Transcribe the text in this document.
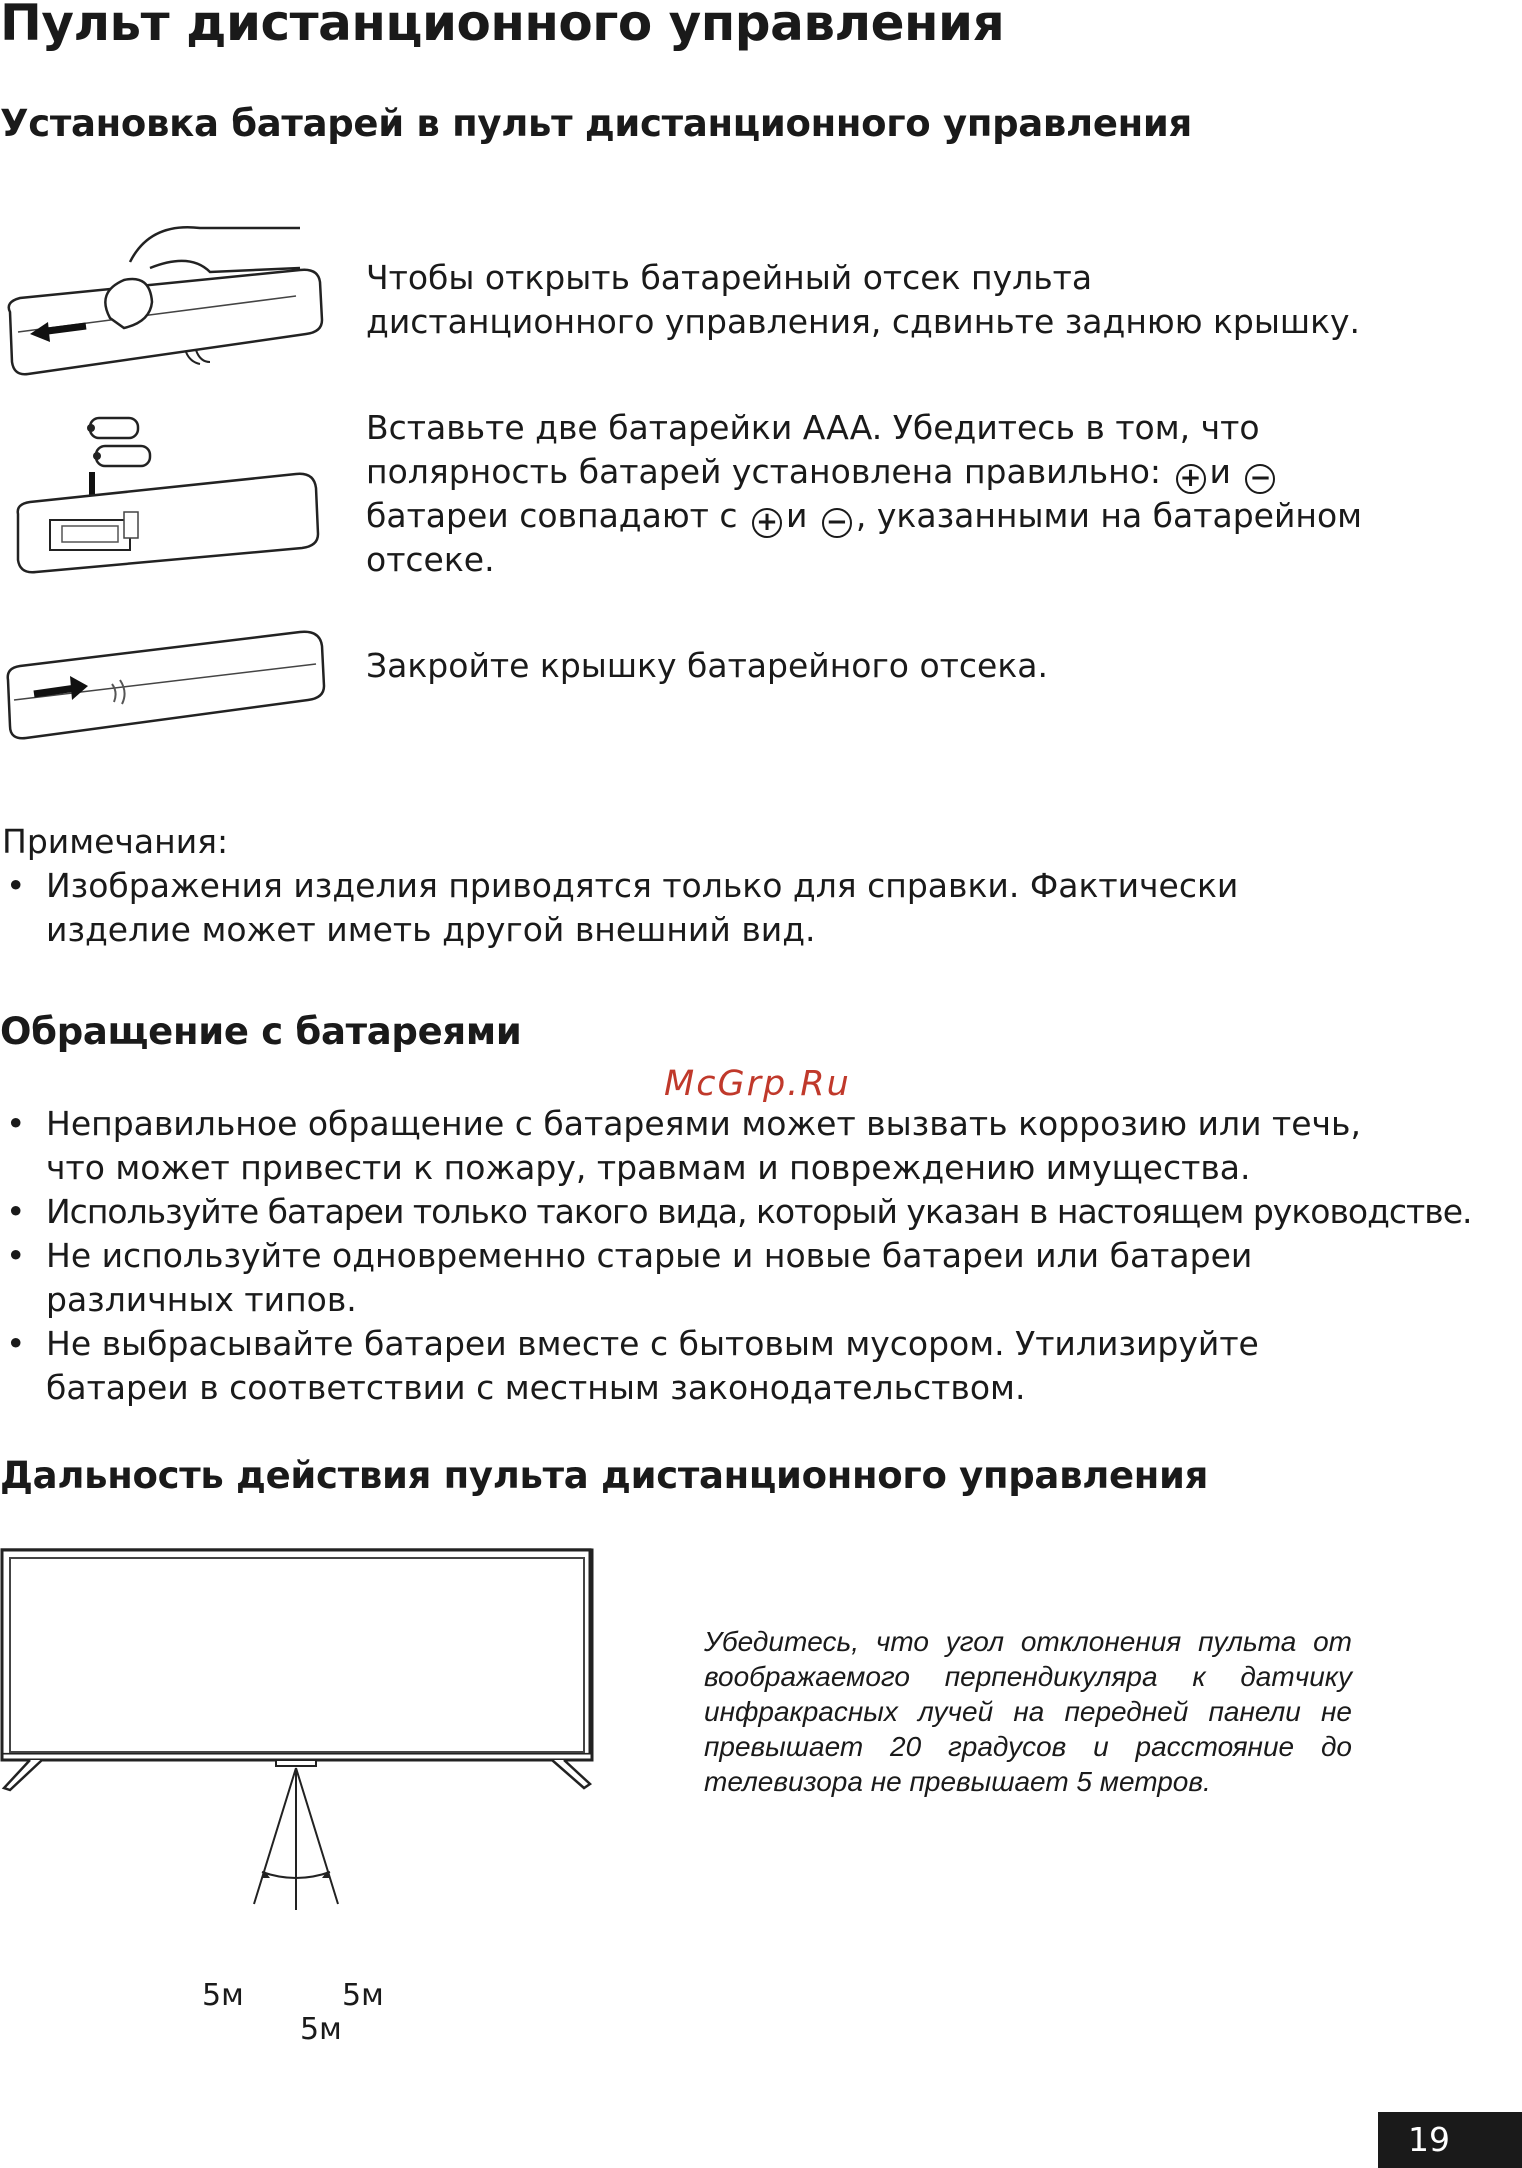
Пульт дистанционного управления
Установка батарей в пульт дистанционного управления
Чтобы открыть батарейный отсек пульта дистанционного управления, сдвиньте заднюю крышку.
Вставьте две батарейки AAA. Убедитесь в том, что полярность батарей установлена правильно: + и − батареи совпадают с + и − , указанными на батарейном отсеке.
Закройте крышку батарейного отсека.
Примечания:
• Изображения изделия приводятся только для справки. Фактически изделие может иметь другой внешний вид.
Обращение с батареями
McGrp.Ru
• Неправильное обращение с батареями может вызвать коррозию или течь, что может привести к пожару, травмам и повреждению имущества.
• Используйте батареи только такого вида, который указан в настоящем руководстве.
• Не используйте одновременно старые и новые батареи или батареи различных типов.
• Не выбрасывайте батареи вместе с бытовым мусором. Утилизируйте батареи в соответствии с местным законодательством.
Дальность действия пульта дистанционного управления
5м	5м
5м
Убедитесь, что угол отклонения пульта от воображаемого перпендикуляра к датчику инфракрасных лучей на передней панели не превышает 20 градусов и расстояние до телевизора не превышает 5 метров.
19
